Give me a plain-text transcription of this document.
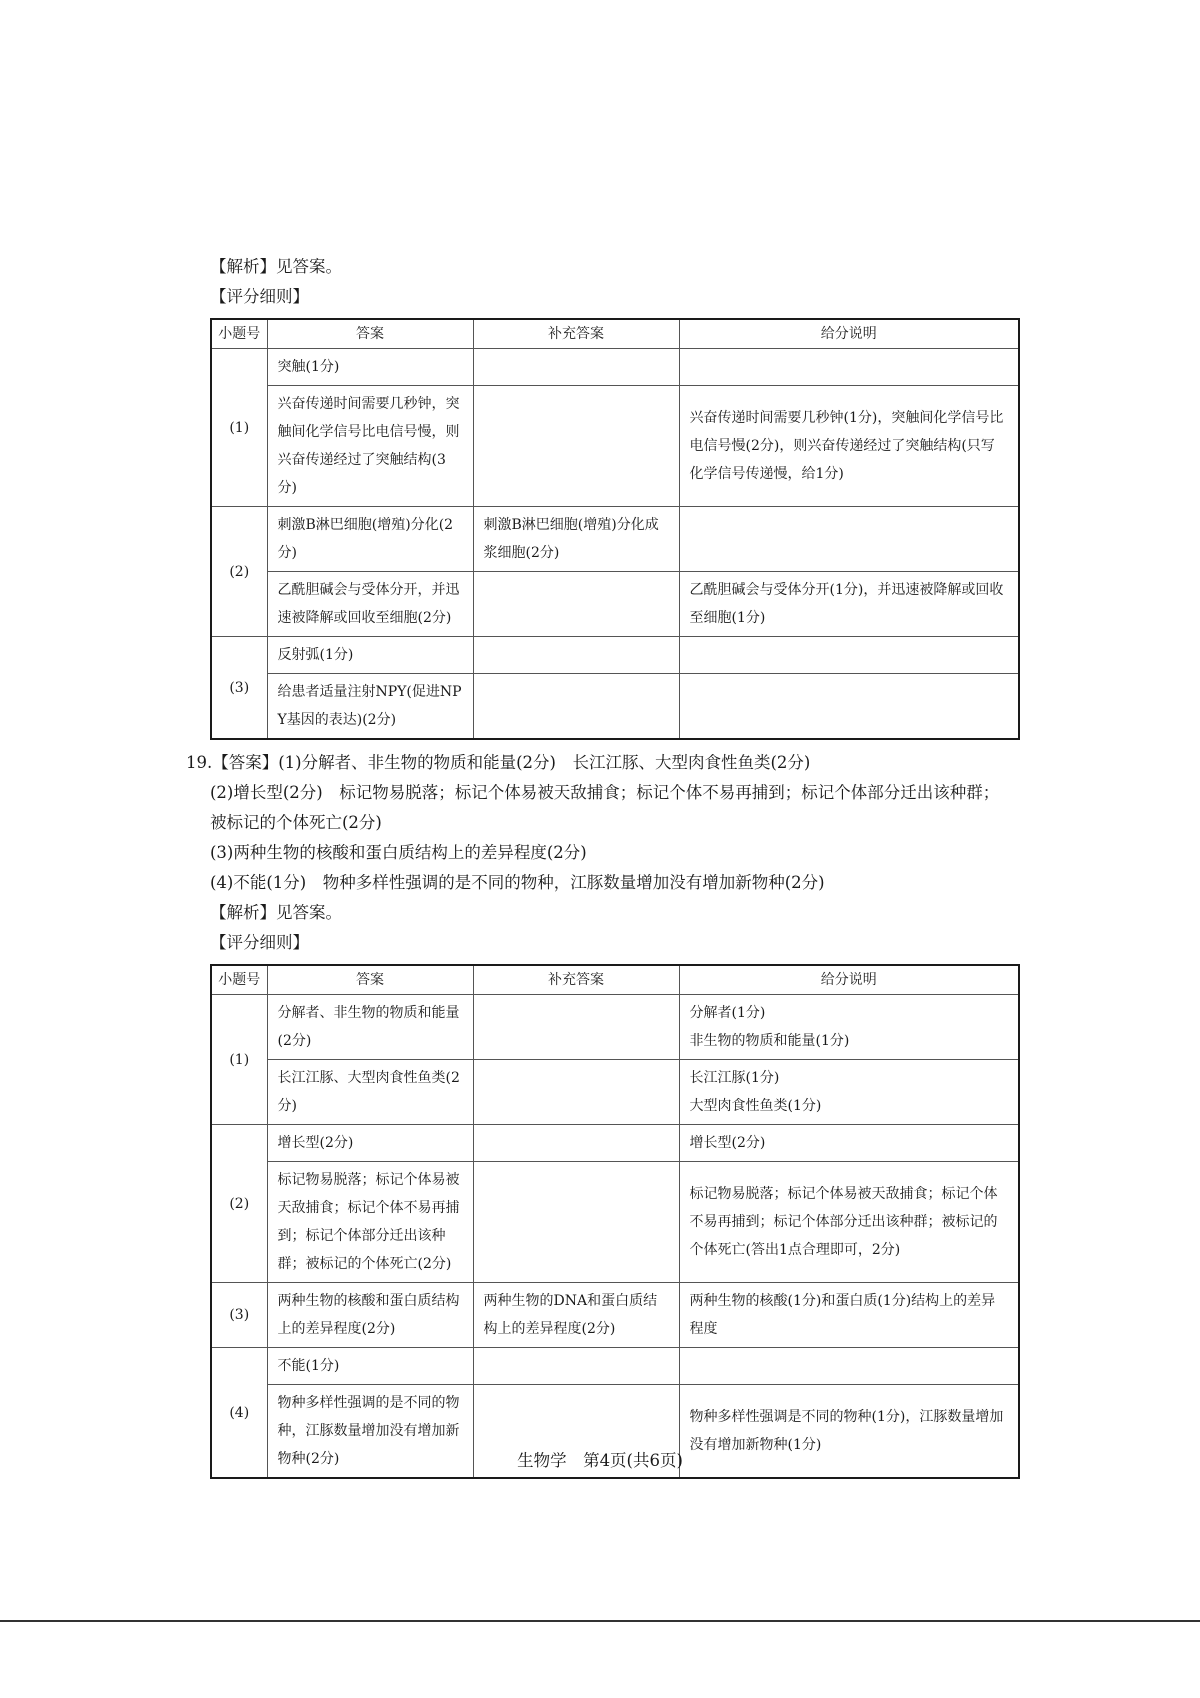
【解析】见答案。
【评分细则】
小题号	答案	补充答案	给分说明
(1)	突触(1分)		
	兴奋传递时间需要几秒钟，突触间化学信号比电信号慢，则兴奋传递经过了突触结构(3分)		兴奋传递时间需要几秒钟(1分)，突触间化学信号比电信号慢(2分)，则兴奋传递经过了突触结构(只写化学信号传递慢，给1分)
(2)	刺激B淋巴细胞(增殖)分化(2分)	刺激B淋巴细胞(增殖)分化成浆细胞(2分)	
	乙酰胆碱会与受体分开，并迅速被降解或回收至细胞(2分)		乙酰胆碱会与受体分开(1分)，并迅速被降解或回收至细胞(1分)
(3)	反射弧(1分)		
	给患者适量注射NPY(促进NPY基因的表达)(2分)		
19.【答案】(1)分解者、非生物的物质和能量(2分)　长江江豚、大型肉食性鱼类(2分)
(2)增长型(2分)　标记物易脱落；标记个体易被天敌捕食；标记个体不易再捕到；标记个体部分迁出该种群；
被标记的个体死亡(2分)
(3)两种生物的核酸和蛋白质结构上的差异程度(2分)
(4)不能(1分)　物种多样性强调的是不同的物种，江豚数量增加没有增加新物种(2分)
【解析】见答案。
【评分细则】
小题号	答案	补充答案	给分说明
(1)	分解者、非生物的物质和能量(2分)		分解者(1分)
非生物的物质和能量(1分)

	长江江豚、大型肉食性鱼类(2分)		长江江豚(1分)
大型肉食性鱼类(1分)

(2)	增长型(2分)		增长型(2分)
	标记物易脱落；标记个体易被天敌捕食；标记个体不易再捕到；标记个体部分迁出该种群；被标记的个体死亡(2分)		标记物易脱落；标记个体易被天敌捕食；标记个体不易再捕到；标记个体部分迁出该种群；被标记的个体死亡(答出1点合理即可，2分)
(3)	两种生物的核酸和蛋白质结构上的差异程度(2分)	两种生物的DNA和蛋白质结构上的差异程度(2分)	两种生物的核酸(1分)和蛋白质(1分)结构上的差异程度
(4)	不能(1分)		
	物种多样性强调的是不同的物种，江豚数量增加没有增加新物种(2分)		物种多样性强调是不同的物种(1分)，江豚数量增加没有增加新物种(1分)
生物学　第4页(共6页)
